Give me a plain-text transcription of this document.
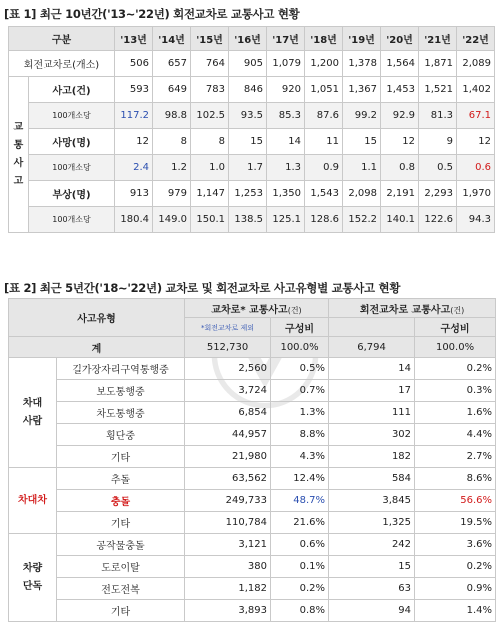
[표 1] 최근 10년간('13~'22년) 회전교차로 교통사고 현황
구분		'13년	'14년	'15년	'16년	'17년	'18년	'19년	'20년	'21년	'22년
회전교차로(개소)		506	657	764	905	1,079	1,200	1,378	1,564	1,871	2,089

교
통
사
고	사고(건)	593	649	783	846	920	1,051	1,367	1,453	1,521	1,402
	100개소당	117.2	98.8	102.5	93.5	85.3	87.6	99.2	92.9	81.3	67.1
	사망(명)	12	8	8	15	14	11	15	12	9	12
	100개소당	2.4	1.2	1.0	1.7	1.3	0.9	1.1	0.8	0.5	0.6
	부상(명)	913	979	1,147	1,253	1,350	1,543	2,098	2,191	2,293	1,970
	100개소당	180.4	149.0	150.1	138.5	125.1	128.6	152.2	140.1	122.6	94.3
[표 2] 최근 5년간('18~'22년) 교차로 및 회전교차로 사고유형별 교통사고 현황
사고유형		교차로* 교통사고(건)		회전교차로 교통사고(건)	
		*회전교차로 제외	구성비		구성비
계		512,730	100.0%	6,794	100.0%

차대
사람	길가장자리구역통행중	2,560	0.5%	14	0.2%
	보도통행중	3,724	0.7%	17	0.3%
	차도통행중	6,854	1.3%	111	1.6%
	횡단중	44,957	8.8%	302	4.4%
	기타	21,980	4.3%	182	2.7%

차대차	추돌	63,562	12.4%	584	8.6%
	충돌	249,733	48.7%	3,845	56.6%
	기타	110,784	21.6%	1,325	19.5%

차량
단독	공작물충돌	3,121	0.6%	242	3.6%
	도로이탈	380	0.1%	15	0.2%
	전도전복	1,182	0.2%	63	0.9%
	기타	3,893	0.8%	94	1.4%
